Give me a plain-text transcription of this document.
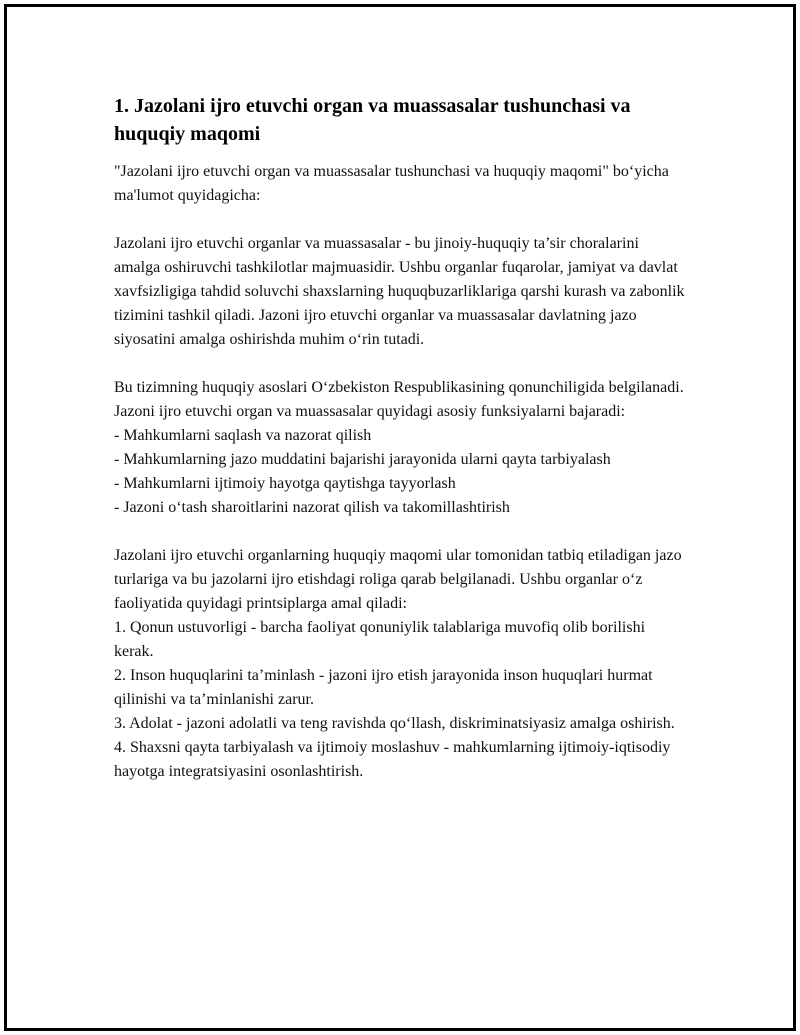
1. Jazolani ijro etuvchi organ va muassasalar tushunchasi va huquqiy maqomi

"Jazolani ijro etuvchi organ va muassasalar tushunchasi va huquqiy maqomi" bo‘yicha ma'lumot quyidagicha:

Jazolani ijro etuvchi organlar va muassasalar - bu jinoiy-huquqiy ta’sir choralarini amalga oshiruvchi tashkilotlar majmuasidir. Ushbu organlar fuqarolar, jamiyat va davlat xavfsizligiga tahdid soluvchi shaxslarning huquqbuzarliklariga qarshi kurash va zabonlik tizimini tashkil qiladi. Jazoni ijro etuvchi organlar va muassasalar davlatning jazo siyosatini amalga oshirishda muhim o‘rin tutadi.

Bu tizimning huquqiy asoslari O‘zbekiston Respublikasining qonunchiligida belgilanadi. Jazoni ijro etuvchi organ va muassasalar quyidagi asosiy funksiyalarni bajaradi:

- Mahkumlarni saqlash va nazorat qilish
- Mahkumlarning jazo muddatini bajarishi jarayonida ularni qayta tarbiyalash
- Mahkumlarni ijtimoiy hayotga qaytishga tayyorlash
- Jazoni o‘tash sharoitlarini nazorat qilish va takomillashtirish

Jazolani ijro etuvchi organlarning huquqiy maqomi ular tomonidan tatbiq etiladigan jazo turlariga va bu jazolarni ijro etishdagi roliga qarab belgilanadi. Ushbu organlar o‘z faoliyatida quyidagi printsiplarga amal qiladi:

1. Qonun ustuvorligi - barcha faoliyat qonuniylik talablariga muvofiq olib borilishi kerak.
2. Inson huquqlarini ta’minlash - jazoni ijro etish jarayonida inson huquqlari hurmat qilinishi va ta’minlanishi zarur.
3. Adolat - jazoni adolatli va teng ravishda qo‘llash, diskriminatsiyasiz amalga oshirish.
4. Shaxsni qayta tarbiyalash va ijtimoiy moslashuv - mahkumlarning ijtimoiy-iqtisodiy hayotga integratsiyasini osonlashtirish.
